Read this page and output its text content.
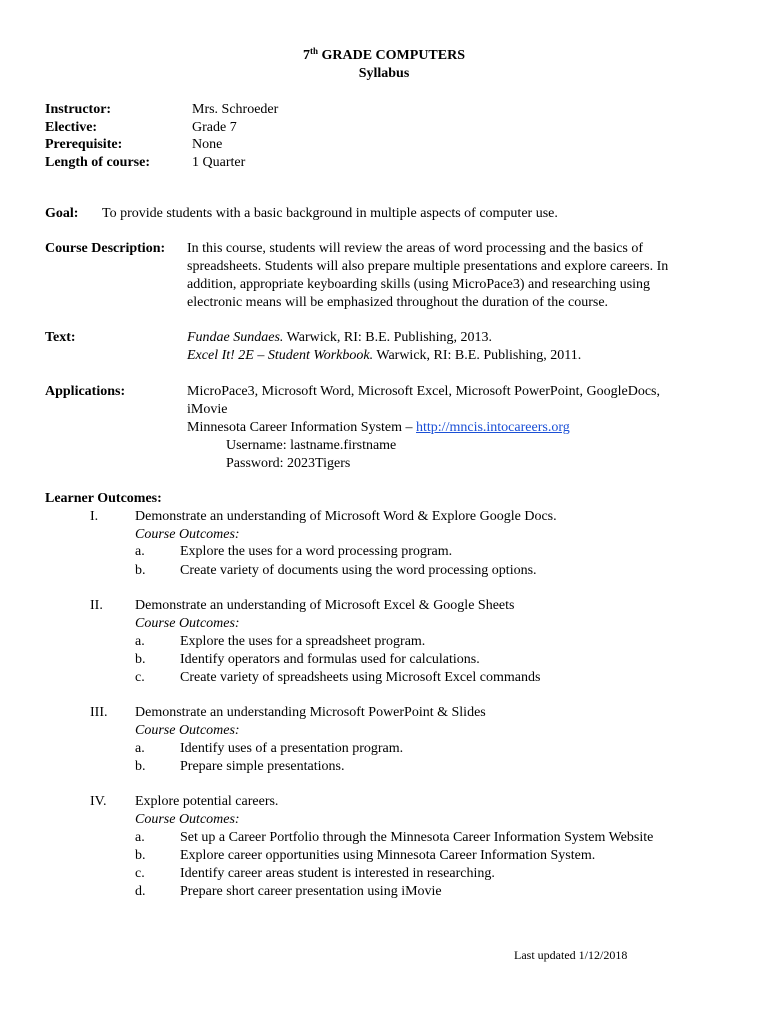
7th GRADE COMPUTERS
Syllabus
Instructor:	Mrs. Schroeder
Elective:	Grade 7
Prerequisite:	None
Length of course:	1 Quarter
Goal: To provide students with a basic background in multiple aspects of computer use.
Course Description: In this course, students will review the areas of word processing and the basics of
spreadsheets. Students will also prepare multiple presentations and explore careers. In
addition, appropriate keyboarding skills (using MicroPace3) and researching using
electronic means will be emphasized throughout the duration of the course.
Text:	Fundae Sundaes. Warwick, RI: B.E. Publishing, 2013.
Excel It! 2E – Student Workbook. Warwick, RI: B.E. Publishing, 2011.
Applications:	MicroPace3, Microsoft Word, Microsoft Excel, Microsoft PowerPoint, GoogleDocs,
iMovie
Minnesota Career Information System – http://mncis.intocareers.org
Username: lastname.firstname
Password: 2023Tigers
Learner Outcomes:
I.	Demonstrate an understanding of Microsoft Word & Explore Google Docs.
Course Outcomes:
a.	Explore the uses for a word processing program.
b. Create variety of documents using the word processing options.
II. Demonstrate an understanding of Microsoft Excel & Google Sheets
Course Outcomes:
a.	Explore the uses for a spreadsheet program.
b. Identify operators and formulas used for calculations.
c.	Create variety of spreadsheets using Microsoft Excel commands
III. Demonstrate an understanding Microsoft PowerPoint & Slides
Course Outcomes:
a.	Identify uses of a presentation program.
b. Prepare simple presentations.
IV. Explore potential careers.
Course Outcomes:
a.	Set up a Career Portfolio through the Minnesota Career Information System Website
b. Explore career opportunities using Minnesota Career Information System.
c.	Identify career areas student is interested in researching.
d. Prepare short career presentation using iMovie
Last updated 1/12/2018
